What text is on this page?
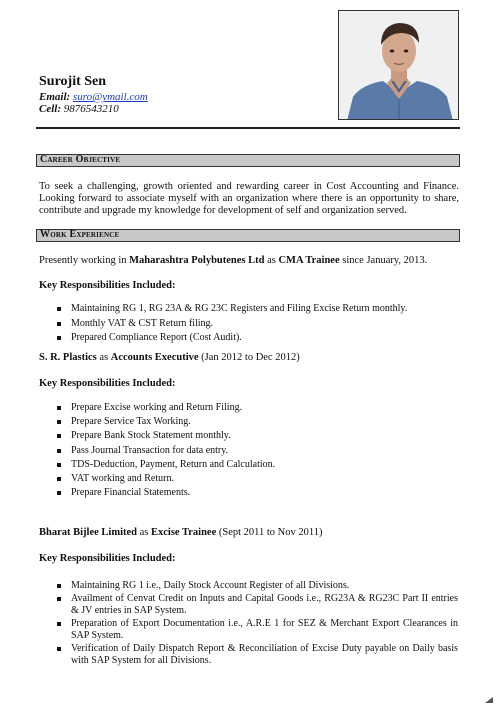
Surojit Sen
Email: suro@ymail.com
Cell: 9876543210
Career Objective
To seek a challenging, growth oriented and rewarding career in Cost Accounting and Finance. Looking forward to associate myself with an organization where there is an opportunity to share, contribute and upgrade my knowledge for development of self and organization served.
Work Experience
Presently working in Maharashtra Polybutenes Ltd as CMA Trainee since January, 2013.
Key Responsibilities Included:
Maintaining RG 1, RG 23A & RG 23C Registers and Filing Excise Return monthly.
Monthly VAT & CST Return filing.
Prepared Compliance Report (Cost Audit).
S. R. Plastics as Accounts Executive (Jan 2012 to Dec 2012)
Key Responsibilities Included:
Prepare Excise working and Return Filing.
Prepare Service Tax Working.
Prepare Bank Stock Statement monthly.
Pass Journal Transaction for data entry.
TDS-Deduction, Payment, Return and Calculation.
VAT working and Return.
Prepare Financial Statements.
Bharat Bijlee Limited as Excise Trainee (Sept 2011 to Nov 2011)
Key Responsibilities Included:
Maintaining RG 1 i.e., Daily Stock Account Register of all Divisions.
Availment of Cenvat Credit on Inputs and Capital Goods i.e., RG23A & RG23C Part II entries & JV entries in SAP System.
Preparation of Export Documentation i.e., A.R.E 1 for SEZ & Merchant Export Clearances in SAP System.
Verification of Daily Dispatch Report & Reconciliation of Excise Duty payable on Daily basis with SAP System for all Divisions.
